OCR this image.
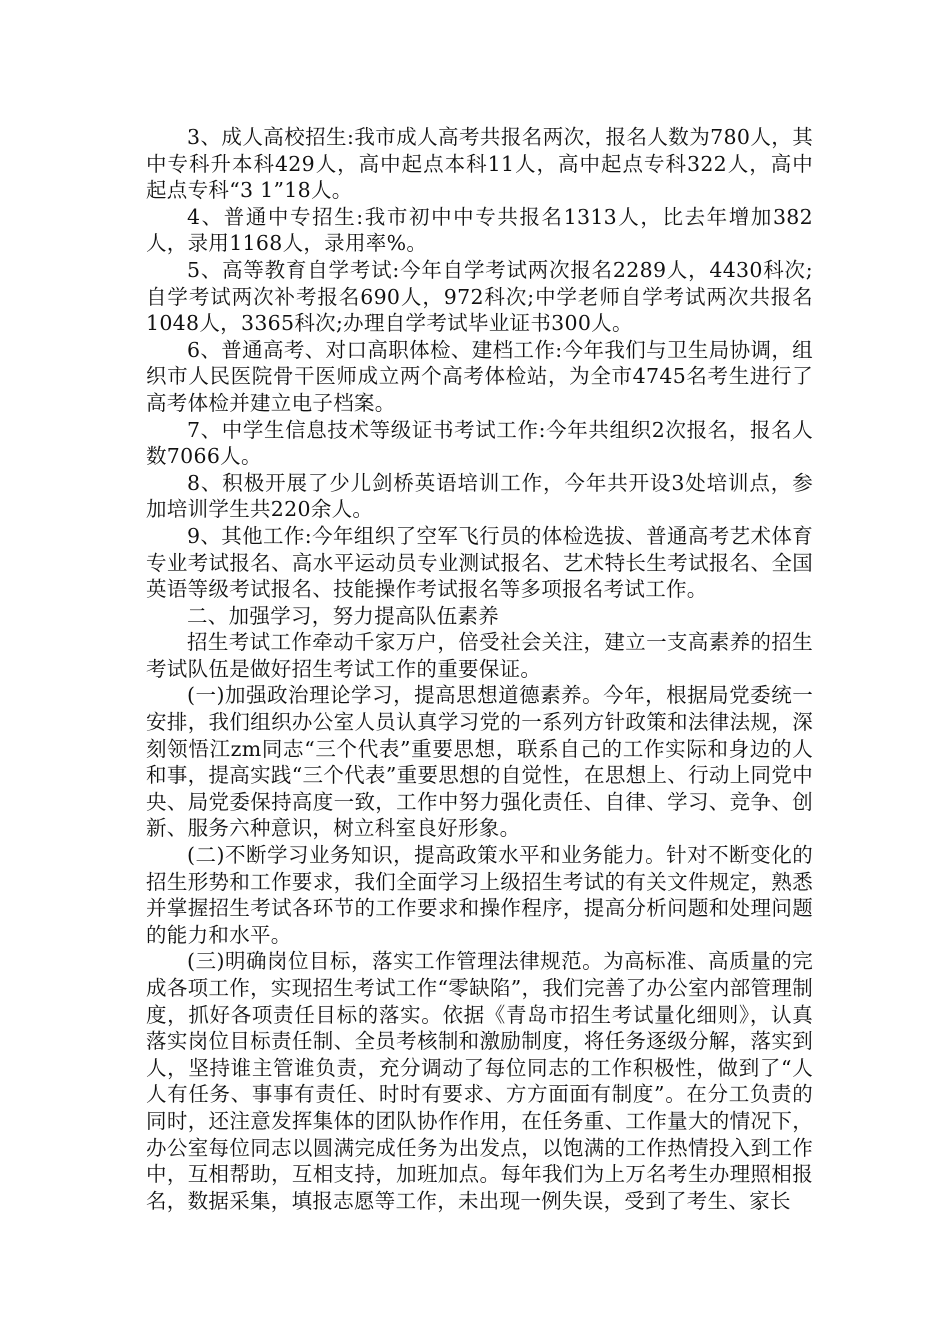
3、成人高校招生:我市成人高考共报名两次，报名人数为780人，其中专科升本科429人，高中起点本科11人，高中起点专科322人，高中起点专科“3 1”18人。

4、普通中专招生:我市初中中专共报名1313人，比去年增加382人，录用1168人，录用率%。

5、高等教育自学考试:今年自学考试两次报名2289人，4430科次;自学考试两次补考报名690人，972科次;中学老师自学考试两次共报名1048人，3365科次;办理自学考试毕业证书300人。

6、普通高考、对口高职体检、建档工作:今年我们与卫生局协调，组织市人民医院骨干医师成立两个高考体检站，为全市4745名考生进行了高考体检并建立电子档案。

7、中学生信息技术等级证书考试工作:今年共组织2次报名，报名人数7066人。

8、积极开展了少儿剑桥英语培训工作，今年共开设3处培训点，参加培训学生共220余人。

9、其他工作:今年组织了空军飞行员的体检选拔、普通高考艺术体育专业考试报名、高水平运动员专业测试报名、艺术特长生考试报名、全国英语等级考试报名、技能操作考试报名等多项报名考试工作。

二、加强学习，努力提高队伍素养

招生考试工作牵动千家万户，倍受社会关注，建立一支高素养的招生考试队伍是做好招生考试工作的重要保证。

(一)加强政治理论学习，提高思想道德素养。今年，根据局党委统一安排，我们组织办公室人员认真学习党的一系列方针政策和法律法规，深刻领悟江zm同志“三个代表”重要思想，联系自己的工作实际和身边的人和事，提高实践“三个代表”重要思想的自觉性，在思想上、行动上同党中央、局党委保持高度一致，工作中努力强化责任、自律、学习、竞争、创新、服务六种意识，树立科室良好形象。

(二)不断学习业务知识，提高政策水平和业务能力。针对不断变化的招生形势和工作要求，我们全面学习上级招生考试的有关文件规定，熟悉并掌握招生考试各环节的工作要求和操作程序，提高分析问题和处理问题的能力和水平。

(三)明确岗位目标，落实工作管理法律规范。为高标准、高质量的完成各项工作，实现招生考试工作“零缺陷”，我们完善了办公室内部管理制度，抓好各项责任目标的落实。依据《青岛市招生考试量化细则》，认真落实岗位目标责任制、全员考核制和激励制度，将任务逐级分解，落实到人，坚持谁主管谁负责，充分调动了每位同志的工作积极性，做到了“人人有任务、事事有责任、时时有要求、方方面面有制度”。在分工负责的同时，还注意发挥集体的团队协作作用，在任务重、工作量大的情况下，办公室每位同志以圆满完成任务为出发点，以饱满的工作热情投入到工作中，互相帮助，互相支持，加班加点。每年我们为上万名考生办理照相报名，数据采集，填报志愿等工作，未出现一例失误，受到了考生、家长
